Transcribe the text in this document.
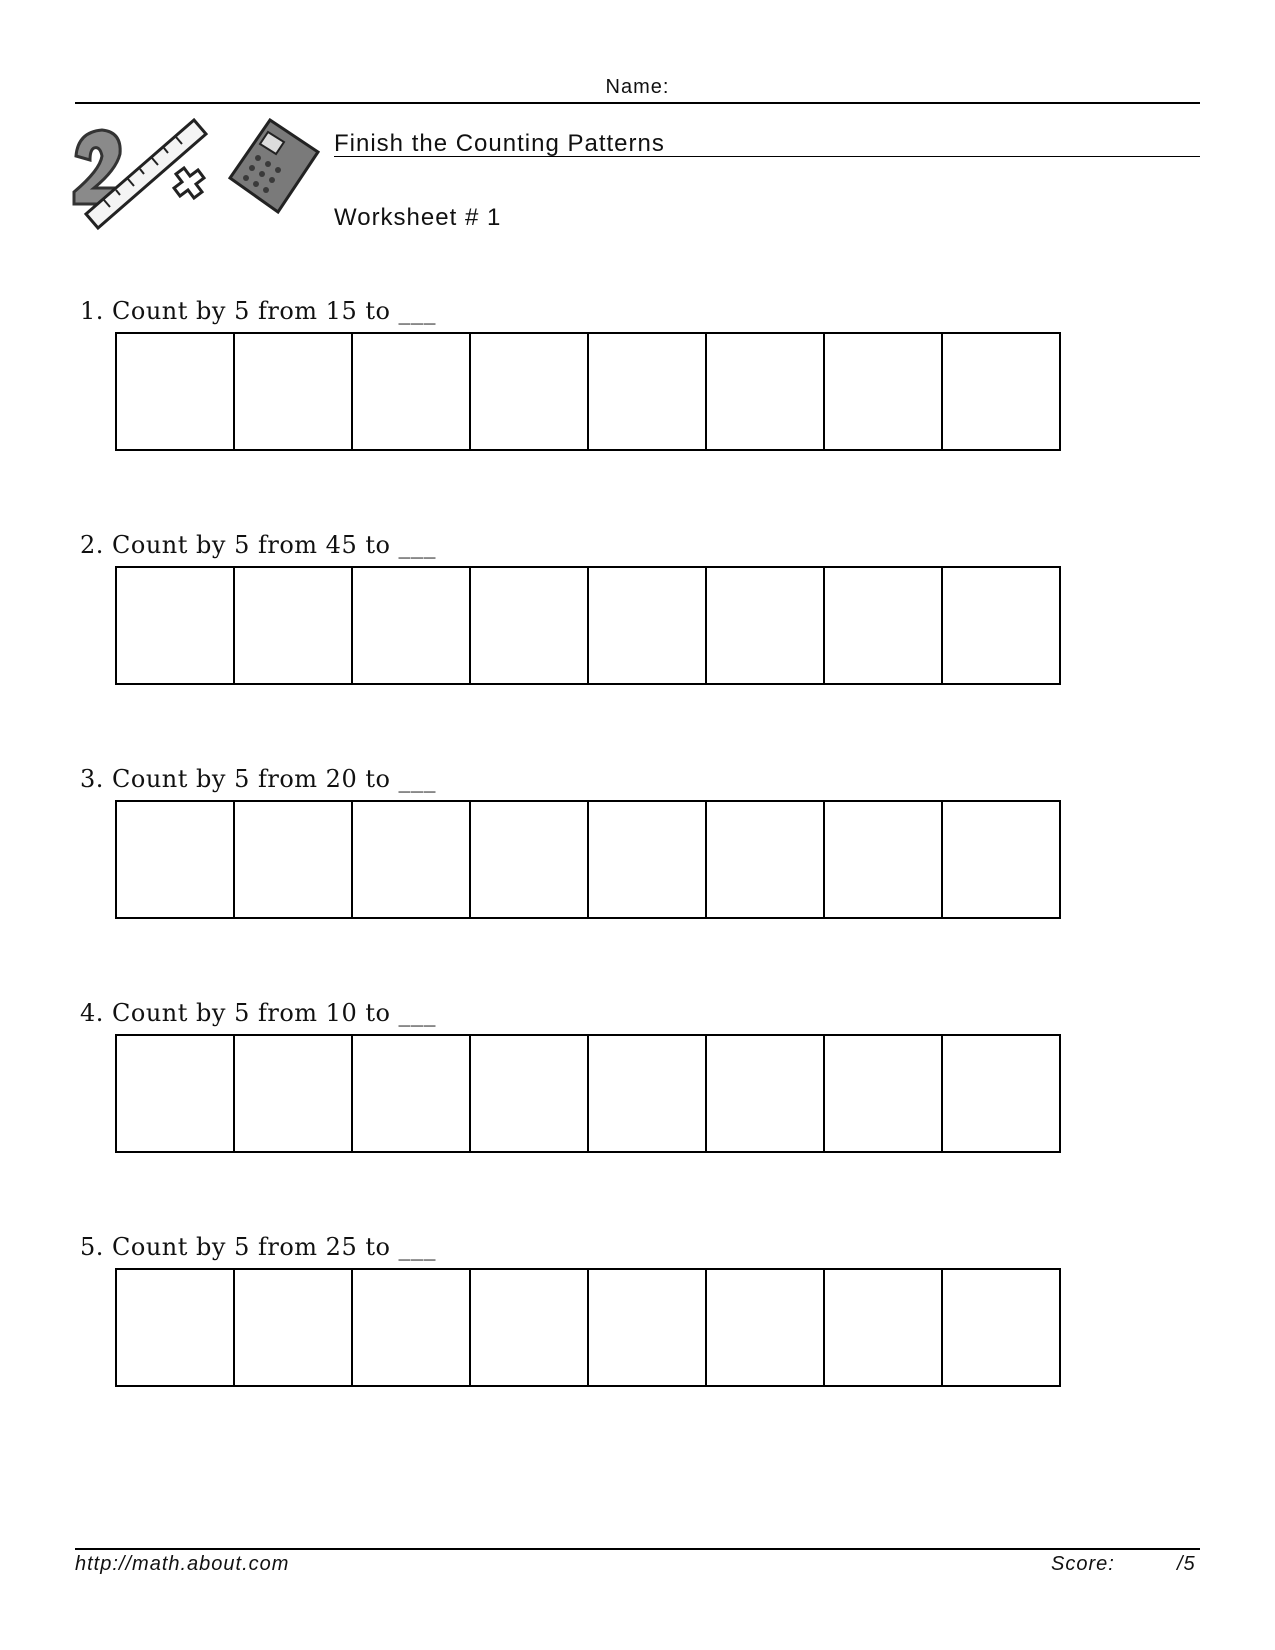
Name:
Finish the Counting Patterns
Worksheet # 1
1. Count by 5 from 15 to ___
2. Count by 5 from 45 to ___
3. Count by 5 from 20 to ___
4. Count by 5 from 10 to ___
5. Count by 5 from 25 to ___
http://math.about.com	Score:	/5
